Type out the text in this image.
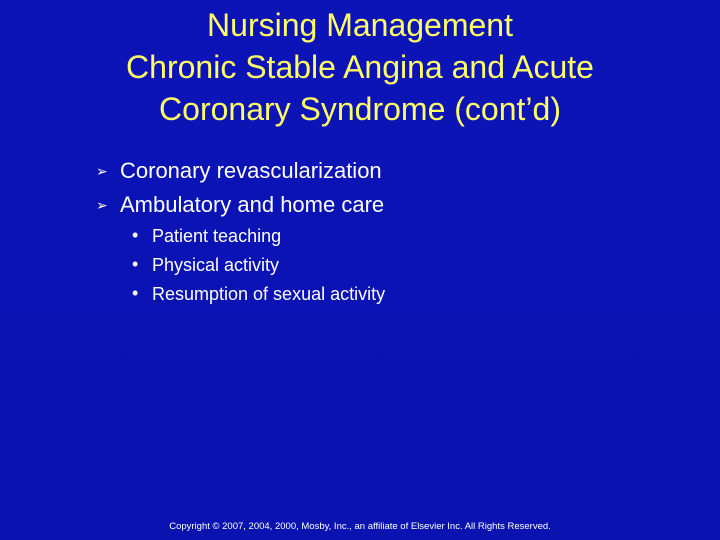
Nursing Management
Chronic Stable Angina and Acute
Coronary Syndrome (cont’d)
➢ Coronary revascularization
➢ Ambulatory and home care
• Patient teaching
• Physical activity
• Resumption of sexual activity
Copyright © 2007, 2004, 2000, Mosby, Inc., an affiliate of Elsevier Inc. All Rights Reserved.
